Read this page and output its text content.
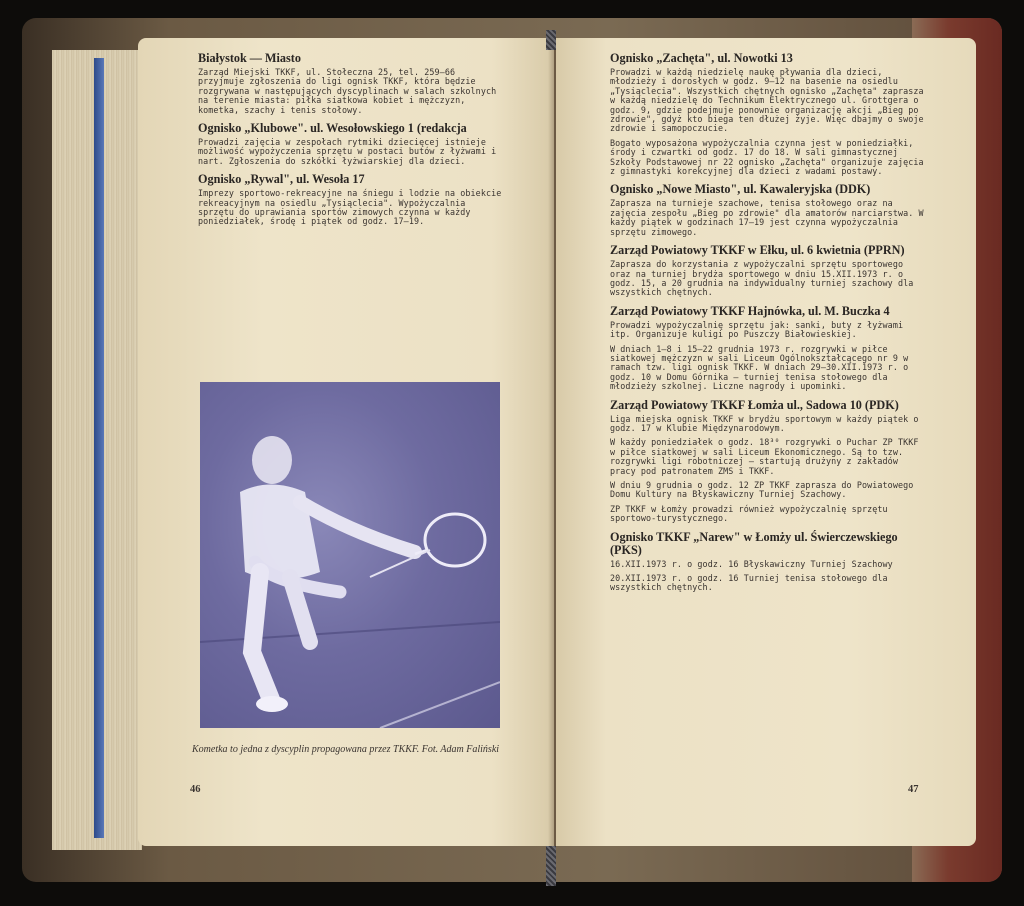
Białystok — Miasto

Zarząd Miejski TKKF, ul. Stołeczna 25, tel. 259—66 przyjmuje zgłoszenia do ligi ognisk TKKF, która będzie rozgrywana w następujących dyscyplinach w salach szkolnych na terenie miasta: piłka siatkowa kobiet i mężczyzn, kometka, szachy i tenis stołowy.

Ognisko „Klubowe". ul. Wesołowskiego 1 (redakcja

Prowadzi zajęcia w zespołach rytmiki dziecięcej istnieje możliwość wypożyczenia sprzętu w postaci butów z łyżwami i nart. Zgłoszenia do szkółki łyżwiarskiej dla dzieci.

Ognisko „Rywal", ul. Wesoła 17

Imprezy sportowo-rekreacyjne na śniegu i lodzie na obiekcie rekreacyjnym na osiedlu „Tysiąclecia". Wypożyczalnia sprzętu do uprawiania sportów zimowych czynna w każdy poniedziałek, środę i piątek od godz. 17—19.

Kometka to jedna z dyscyplin propagowana przez TKKF. Fot. Adam Faliński
46
Ognisko „Zachęta", ul. Nowotki 13

Prowadzi w każdą niedzielę naukę pływania dla dzieci, młodzieży i dorosłych w godz. 9—12 na basenie na osiedlu „Tysiąclecia". Wszystkich chętnych ognisko „Zachęta" zaprasza w każdą niedzielę do Technikum Elektrycznego ul. Grottgera o godz. 9, gdzie podejmuje ponownie organizację akcji „Bieg po zdrowie", gdyż kto biega ten dłużej żyje. Więc dbajmy o swoje zdrowie i samopoczucie.

Bogato wyposażona wypożyczalnia czynna jest w poniedziałki, środy i czwartki od godz. 17 do 18. W sali gimnastycznej Szkoły Podstawowej nr 22 ognisko „Zachęta" organizuje zajęcia z gimnastyki korekcyjnej dla dzieci z wadami postawy.

Ognisko „Nowe Miasto", ul. Kawaleryjska (DDK)

Zaprasza na turnieje szachowe, tenisa stołowego oraz na zajęcia zespołu „Bieg po zdrowie" dla amatorów narciarstwa. W każdy piątek w godzinach 17—19 jest czynna wypożyczalnia sprzętu zimowego.

Zarząd Powiatowy TKKF w Ełku, ul. 6 kwietnia (PPRN)

Zaprasza do korzystania z wypożyczalni sprzętu sportowego oraz na turniej brydża sportowego w dniu 15.XII.1973 r. o godz. 15, a 20 grudnia na indywidualny turniej szachowy dla wszystkich chętnych.

Zarząd Powiatowy TKKF Hajnówka, ul. M. Buczka 4

Prowadzi wypożyczalnię sprzętu jak: sanki, buty z łyżwami itp. Organizuje kuligi po Puszczy Białowieskiej.

W dniach 1—8 i 15—22 grudnia 1973 r. rozgrywki w piłce siatkowej mężczyzn w sali Liceum Ogólnokształcącego nr 9 w ramach tzw. ligi ognisk TKKF. W dniach 29—30.XII.1973 r. o godz. 10 w Domu Górnika — turniej tenisa stołowego dla młodzieży szkolnej. Liczne nagrody i upominki.

Zarząd Powiatowy TKKF Łomża ul., Sadowa 10 (PDK)

Liga miejska ognisk TKKF w brydżu sportowym w każdy piątek o godz. 17 w Klubie Międzynarodowym.

W każdy poniedziałek o godz. 18³⁰ rozgrywki o Puchar ZP TKKF w piłce siatkowej w sali Liceum Ekonomicznego. Są to tzw. rozgrywki ligi robotniczej — startują drużyny z zakładów pracy pod patronatem ZMS i TKKF.

W dniu 9 grudnia o godz. 12 ZP TKKF zaprasza do Powiatowego Domu Kultury na Błyskawiczny Turniej Szachowy.

ZP TKKF w Łomży prowadzi również wypożyczalnię sprzętu sportowo-turystycznego.

Ognisko TKKF „Narew" w Łomży ul. Świerczewskiego (PKS)

16.XII.1973 r. o godz. 16 Błyskawiczny Turniej Szachowy

20.XII.1973 r. o godz. 16 Turniej tenisa stołowego dla wszystkich chętnych.

47
